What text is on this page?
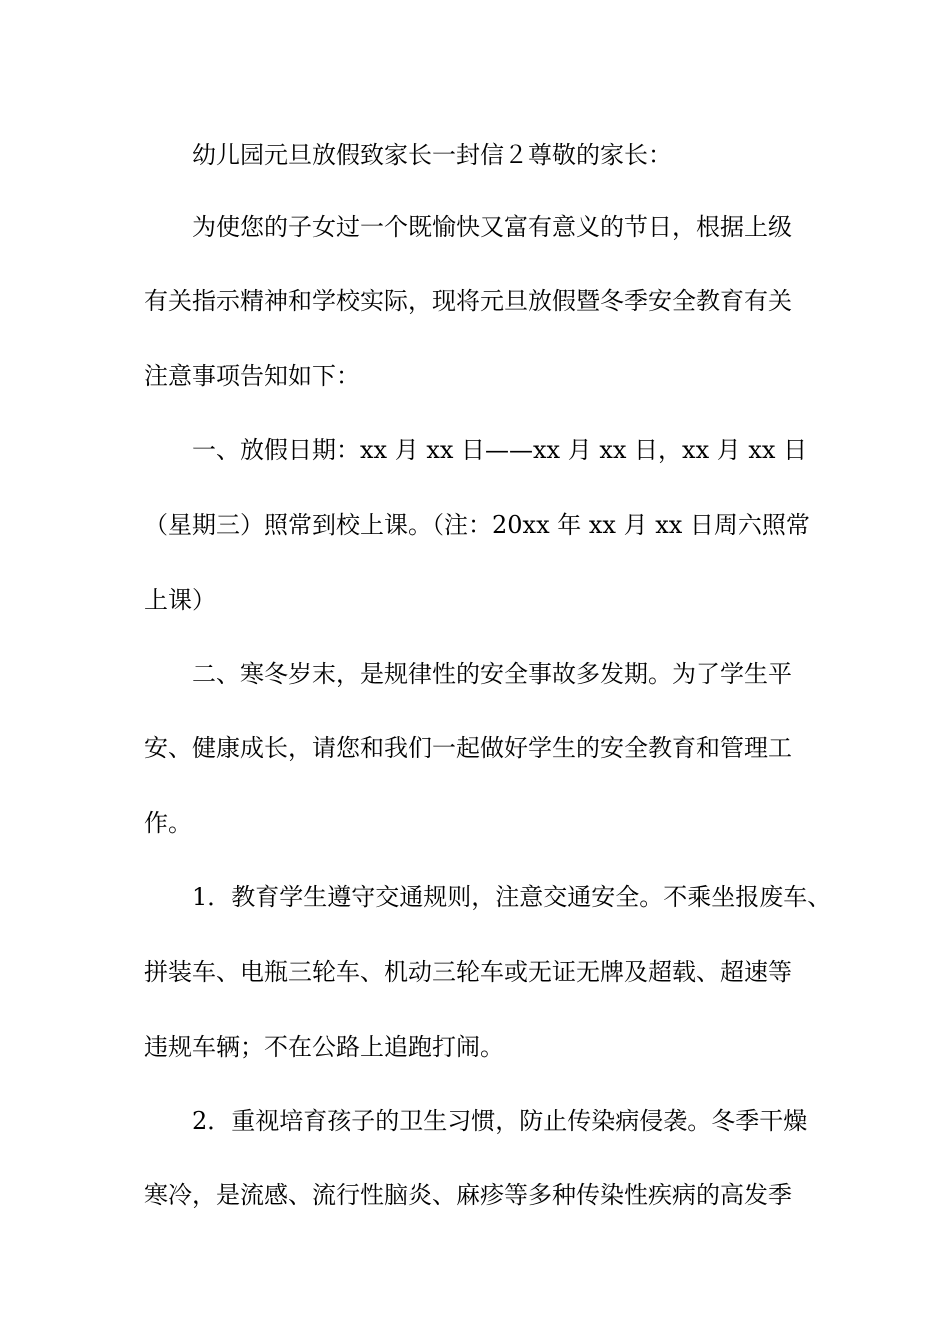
幼儿园元旦放假致家长一封信２尊敬的家长：
为使您的子女过一个既愉快又富有意义的节日，根据上级
有关指示精神和学校实际，现将元旦放假暨冬季安全教育有关
注意事项告知如下：
一、放假日期：xx 月 xx 日——xx 月 xx 日，xx 月 xx 日
（星期三）照常到校上课。（注：20xx 年 xx 月 xx 日周六照常
上课）
二、寒冬岁末，是规律性的安全事故多发期。为了学生平
安、健康成长，请您和我们一起做好学生的安全教育和管理工
作。
1．教育学生遵守交通规则，注意交通安全。不乘坐报废车、
拼装车、电瓶三轮车、机动三轮车或无证无牌及超载、超速等
违规车辆；不在公路上追跑打闹。
2．重视培育孩子的卫生习惯，防止传染病侵袭。冬季干燥
寒冷，是流感、流行性脑炎、麻疹等多种传染性疾病的高发季
